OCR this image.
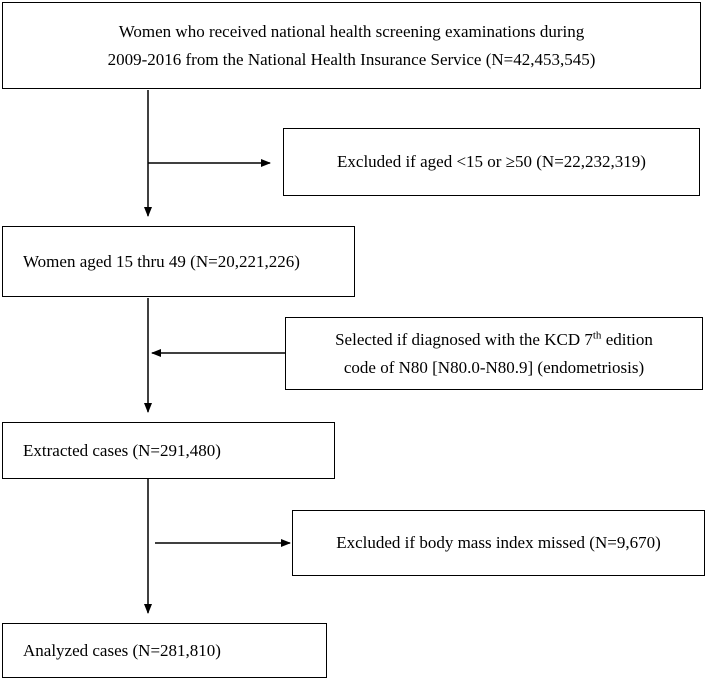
Women who received national health screening examinations during
2009-2016 from the National Health Insurance Service (N=42,453,545)
Excluded if aged <15 or ≥50 (N=22,232,319)
Women aged 15 thru 49 (N=20,221,226)
Selected if diagnosed with the KCD 7th edition
code of N80 [N80.0-N80.9] (endometriosis)
Extracted cases (N=291,480)
Excluded if body mass index missed (N=9,670)
Analyzed cases (N=281,810)
